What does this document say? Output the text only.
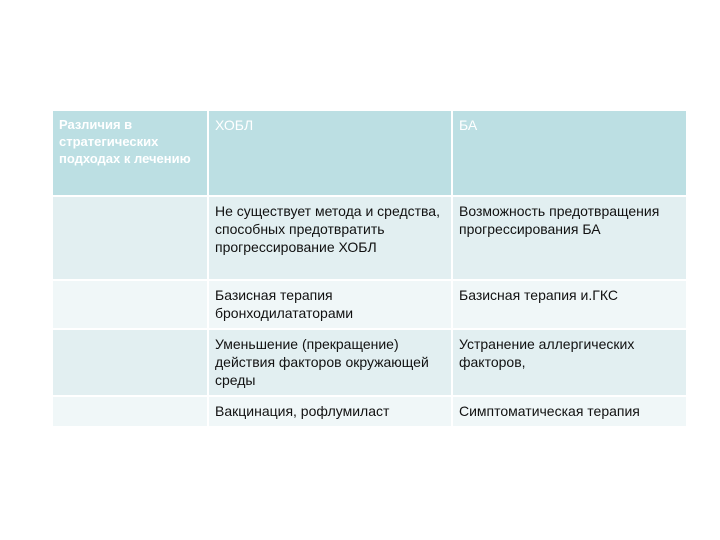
Различия в стратегических подходах к лечению	ХОБЛ	БА
	Не существует метода и средства, способных предотвратить прогрессирование ХОБЛ	Возможность предотвращения прогрессирования БА
	Базисная терапия бронходилататорами	Базисная терапия и.ГКС
	Уменьшение (прекращение) действия факторов окружающей среды	Устранение аллергических факторов,
	Вакцинация, рофлумиласт	Симптоматическая терапия
